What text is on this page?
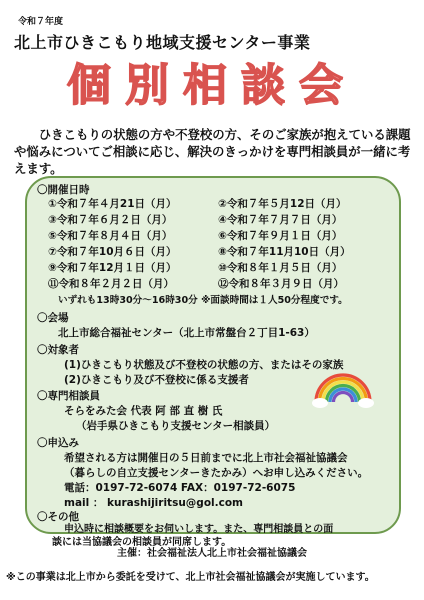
令和７年度
北上市ひきこもり地域支援センター事業
個別相談会
ひきこもりの状態の方や不登校の方、そのご家族が抱えている課題や悩みについてご相談に応じ、解決のきっかけを専門相談員が一緒に考えます。
〇開催日時
①令和７年４月21日（月）	②令和７年５月12日（月）
③令和７年６月２日（月）	④令和７年７月７日（月）
⑤令和７年８月４日（月）	⑥令和７年９月１日（月）
⑦令和７年10月６日（月）	⑧令和７年11月10日（月）
⑨令和７年12月１日（月）	⑩令和８年１月５日（月）
⑪令和８年２月２日（月）	⑫令和８年３月９日（月）
いずれも13時30分～16時30分 ※面談時間は１人50分程度です。
〇会場
北上市総合福祉センター（北上市常盤台２丁目1-63）
〇対象者
(1)ひきこもり状態及び不登校の状態の方、またはその家族
(2)ひきこもり及び不登校に係る支援者
〇専門相談員
そらをみた会 代表 阿 部 直 樹 氏
（岩手県ひきこもり支援センター相談員）
〇申込み
希望される方は開催日の５日前までに北上市社会福祉協議会
（暮らしの自立支援センターきたかみ）へお申し込みください。
電話：0197-72-6074 FAX：0197-72-6075
mail ： kurashijiritsu@gol.com
〇その他
申込時に相談概要をお伺いします。また、専門相談員との面
談には当協議会の相談員が同席します。
主催：社会福祉法人北上市社会福祉協議会
※この事業は北上市から委託を受けて、北上市社会福祉協議会が実施しています。
